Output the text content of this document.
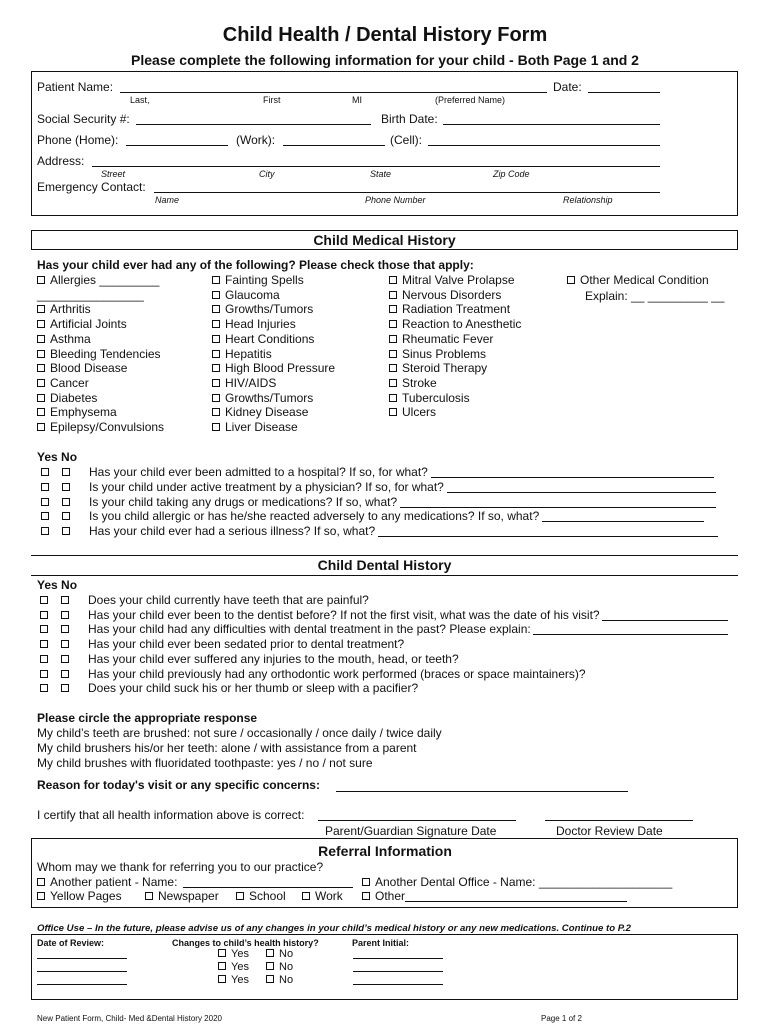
Child Health / Dental History Form
Please complete the following information for your child - Both Page 1 and 2
Patient Name:	Date:
Last,	First	MI	(Preferred Name)
Social Security #:	Birth Date:
Phone (Home):	(Work):	(Cell):
Address:
Street	City	State	Zip Code
Emergency Contact:
Name	Phone Number	Relationship
Child Medical History
Has your child ever had any of the following? Please check those that apply:
Other Medical Condition
Explain: __ _________ __
Yes No
Child Dental History
Yes No
Please circle the appropriate response
My child’s teeth are brushed: not sure / occasionally / once daily / twice daily
My child brushers his/or her teeth: alone / with assistance from a parent
My child brushes with fluoridated toothpaste: yes / no / not sure
Reason for today's visit or any specific concerns:
I certify that all health information above is correct:
Parent/Guardian Signature Date	Doctor Review Date
Referral Information
Whom may we thank for referring you to our practice?
Another patient - Name:	Another Dental Office - Name: ____________________
Yellow Pages	Newspaper	School	Work	Other
Office Use – In the future, please advise us of any changes in your child’s medical history or any new medications. Continue to P.2
Date of Review:	Changes to child’s health history?	Parent Initial:
New Patient Form, Child- Med &Dental History 2020	Page 1 of 2
Allergies _________
________________
Arthritis
Artificial Joints
Asthma
Bleeding Tendencies
Blood Disease
Cancer
Diabetes
Emphysema
Epilepsy/Convulsions
Fainting Spells
Glaucoma
Growths/Tumors
Head Injuries
Heart Conditions
Hepatitis
High Blood Pressure
HIV/AIDS
Growths/Tumors
Kidney Disease
Liver Disease
Mitral Valve Prolapse
Nervous Disorders
Radiation Treatment
Reaction to Anesthetic
Rheumatic Fever
Sinus Problems
Steroid Therapy
Stroke
Tuberculosis
Ulcers
Has your child ever been admitted to a hospital? If so, for what?
Is your child under active treatment by a physician? If so, for what?
Is your child taking any drugs or medications? If so, what?
Is you child allergic or has he/she reacted adversely to any medications? If so, what?
Has your child ever had a serious illness? If so, what?
Does your child currently have teeth that are painful?
Has your child ever been to the dentist before? If not the first visit, what was the date of his visit?
Has your child had any difficulties with dental treatment in the past? Please explain:
Has your child ever been sedated prior to dental treatment?
Has your child ever suffered any injuries to the mouth, head, or teeth?
Has your child previously had any orthodontic work performed (braces or space maintainers)?
Does your child suck his or her thumb or sleep with a pacifier?
Yes	No
Yes	No
Yes	No
